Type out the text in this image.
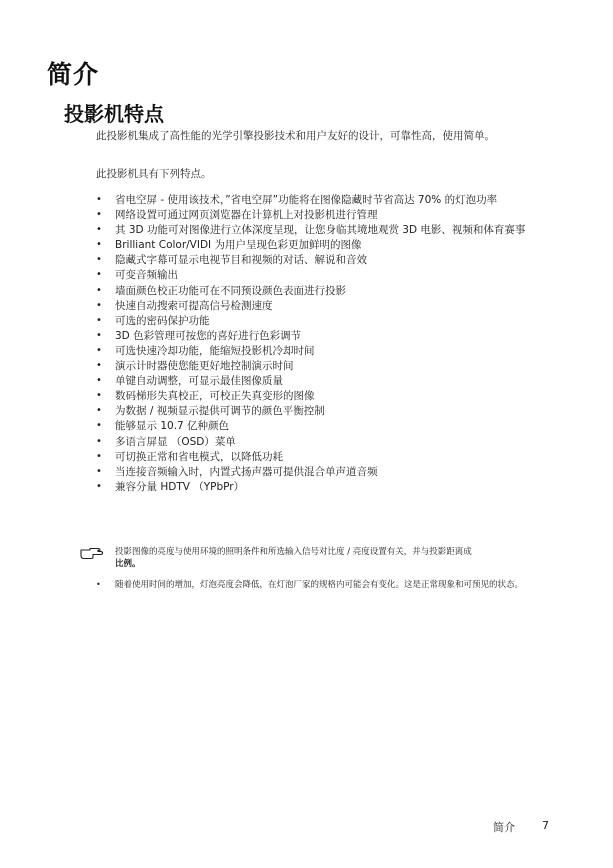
简介
投影机特点
此投影机集成了高性能的光学引擎投影技术和用户友好的设计，可靠性高，使用简单。
此投影机具有下列特点。
• 省电空屏 - 使用该技术，”省电空屏”功能将在图像隐藏时节省高达 70% 的灯泡功率
• 网络设置可通过网页浏览器在计算机上对投影机进行管理
• 其 3D 功能可对图像进行立体深度呈现，让您身临其境地观赏 3D 电影、视频和体育赛事
• Brilliant Color/VIDI 为用户呈现色彩更加鲜明的图像
• 隐藏式字幕可显示电视节目和视频的对话、解说和音效
• 可变音频输出
• 墙面颜色校正功能可在不同预设颜色表面进行投影
• 快速自动搜索可提高信号检测速度
• 可选的密码保护功能
• 3D 色彩管理可按您的喜好进行色彩调节
• 可选快速冷却功能，能缩短投影机冷却时间
• 演示计时器使您能更好地控制演示时间
• 单键自动调整，可显示最佳图像质量
• 数码梯形失真校正，可校正失真变形的图像
• 为数据 / 视频显示提供可调节的颜色平衡控制
• 能够显示 10.7 亿种颜色
• 多语言屏显 （OSD）菜单
• 可切换正常和省电模式，以降低功耗
• 当连接音频输入时，内置式扬声器可提供混合单声道音频
• 兼容分量 HDTV （YPbPr）
• 投影图像的亮度与使用环境的照明条件和所选输入信号对比度 / 亮度设置有关，并与投影距离成
比例。
• 随着使用时间的增加，灯泡亮度会降低，在灯泡厂家的规格内可能会有变化。这是正常现象和可预见的状态。
简介 7
